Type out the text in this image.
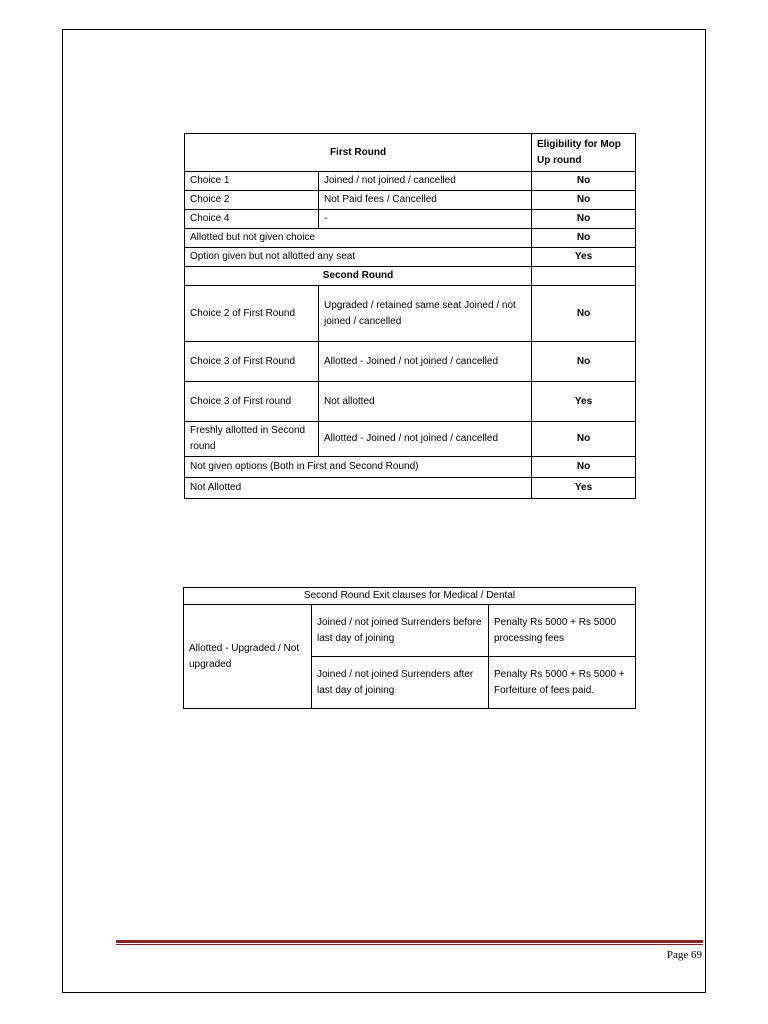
First Round		Eligibility for Mop Up round
Choice 1	Joined / not joined / cancelled	No
Choice 2	Not Paid fees / Cancelled	No
Choice 4	-	No
Allotted but not given choice		No
Option given but not allotted any seat		Yes
Second Round		
Choice 2 of First Round	Upgraded / retained same seat Joined / not joined / cancelled	No
Choice 3 of First Round	Allotted - Joined / not joined / cancelled	No
Choice 3 of First round	Not allotted	Yes
Freshly allotted in Second round	Allotted - Joined / not joined / cancelled	No
Not given options (Both in First and Second Round)		No
Not Allotted		Yes
Second Round Exit clauses for Medical / Dental		
Allotted - Upgraded / Not upgraded	Joined / not joined Surrenders before last day of joining	Penalty Rs 5000 + Rs 5000 processing fees
	Joined / not joined Surrenders after last day of joining	Penalty Rs 5000 + Rs 5000 + Forfeiture of fees paid.
Page 69
